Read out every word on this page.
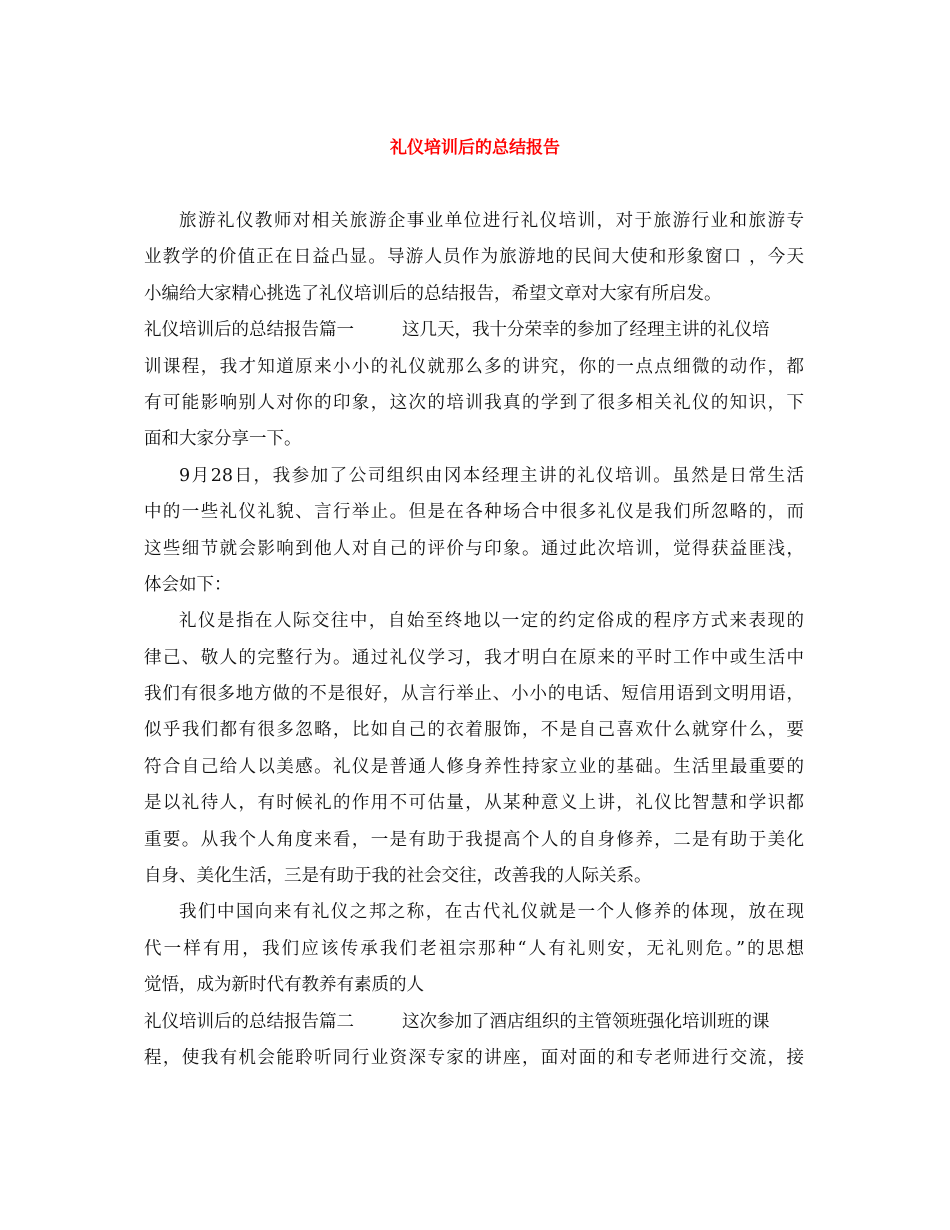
礼仪培训后的总结报告
旅游礼仪教师对相关旅游企事业单位进行礼仪培训，对于旅游行业和旅游专
业教学的价值正在日益凸显。导游人员作为旅游地的民间大使和形象窗口 ，今天
小编给大家精心挑选了礼仪培训后的总结报告，希望文章对大家有所启发。
礼仪培训后的总结报告篇一	这几天，我十分荣幸的参加了经理主讲的礼仪培
训课程，我才知道原来小小的礼仪就那么多的讲究，你的一点点细微的动作，都
有可能影响别人对你的印象，这次的培训我真的学到了很多相关礼仪的知识，下
面和大家分享一下。
9月28日，我参加了公司组织由冈本经理主讲的礼仪培训。虽然是日常生活
中的一些礼仪礼貌、言行举止。但是在各种场合中很多礼仪是我们所忽略的，而
这些细节就会影响到他人对自己的评价与印象。通过此次培训，觉得获益匪浅，
体会如下：
礼仪是指在人际交往中，自始至终地以一定的约定俗成的程序方式来表现的
律己、敬人的完整行为。通过礼仪学习，我才明白在原来的平时工作中或生活中
我们有很多地方做的不是很好，从言行举止、小小的电话、短信用语到文明用语，
似乎我们都有很多忽略，比如自己的衣着服饰，不是自己喜欢什么就穿什么，要
符合自己给人以美感。礼仪是普通人修身养性持家立业的基础。生活里最重要的
是以礼待人，有时候礼的作用不可估量，从某种意义上讲，礼仪比智慧和学识都
重要。从我个人角度来看，一是有助于我提高个人的自身修养，二是有助于美化
自身、美化生活，三是有助于我的社会交往，改善我的人际关系。
我们中国向来有礼仪之邦之称，在古代礼仪就是一个人修养的体现，放在现
代一样有用，我们应该传承我们老祖宗那种“人有礼则安，无礼则危。”的思想
觉悟，成为新时代有教养有素质的人
礼仪培训后的总结报告篇二	这次参加了酒店组织的主管领班强化培训班的课
程，使我有机会能聆听同行业资深专家的讲座，面对面的和专老师进行交流，接
